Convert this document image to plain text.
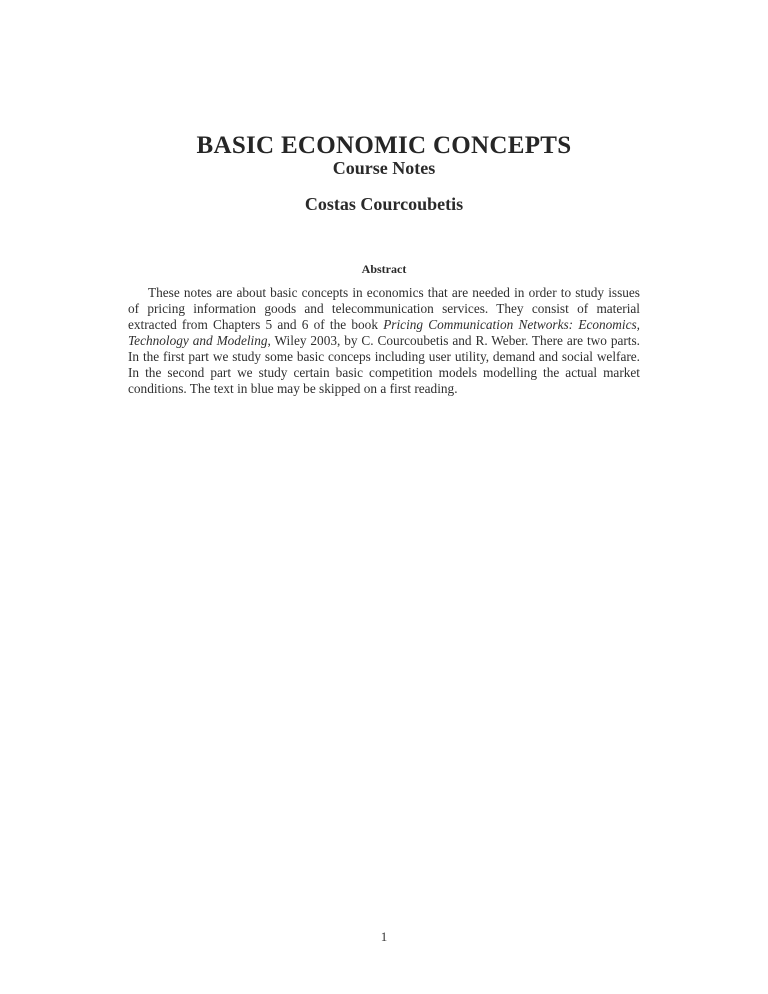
BASIC ECONOMIC CONCEPTS
Course Notes
Costas Courcoubetis
Abstract

These notes are about basic concepts in economics that are needed in order to study issues of pricing information goods and telecommunication services. They consist of material extracted from Chapters 5 and 6 of the book Pricing Communication Networks: Economics, Technology and Modeling, Wiley 2003, by C. Courcoubetis and R. Weber. There are two parts. In the first part we study some basic conceps including user utility, demand and social welfare. In the second part we study certain basic competition models modelling the actual market conditions. The text in blue may be skipped on a first reading.

1
